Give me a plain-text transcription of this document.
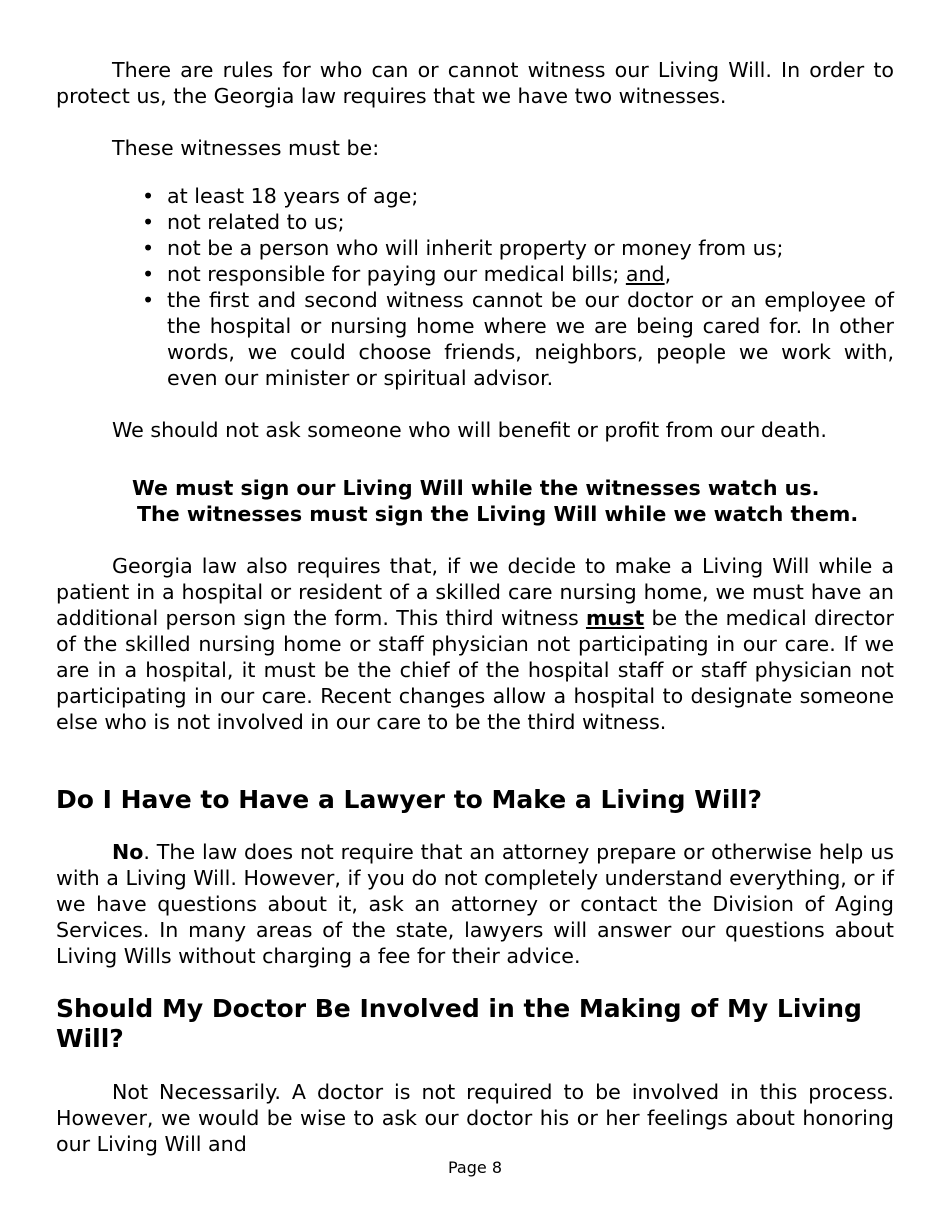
There are rules for who can or cannot witness our Living Will. In order to protect us, the Georgia law requires that we have two witnesses.

These witnesses must be:

• at least 18 years of age;
• not related to us;
• not be a person who will inherit property or money from us;
• not responsible for paying our medical bills; and,
• the first and second witness cannot be our doctor or an employee of the hospital or nursing home where we are being cared for. In other words, we could choose friends, neighbors, people we work with, even our minister or spiritual advisor.

We should not ask someone who will benefit or profit from our death.

We must sign our Living Will while the witnesses watch us.
The witnesses must sign the Living Will while we watch them.

Georgia law also requires that, if we decide to make a Living Will while a patient in a hospital or resident of a skilled care nursing home, we must have an additional person sign the form. This third witness must be the medical director of the skilled nursing home or staff physician not participating in our care. If we are in a hospital, it must be the chief of the hospital staff or staff physician not participating in our care. Recent changes allow a hospital to designate someone else who is not involved in our care to be the third witness.

Do I Have to Have a Lawyer to Make a Living Will?

No. The law does not require that an attorney prepare or otherwise help us with a Living Will. However, if you do not completely understand everything, or if we have questions about it, ask an attorney or contact the Division of Aging Services. In many areas of the state, lawyers will answer our questions about Living Wills without charging a fee for their advice.

Should My Doctor Be Involved in the Making of My Living Will?

Not Necessarily. A doctor is not required to be involved in this process. However, we would be wise to ask our doctor his or her feelings about honoring our Living Will and

Page 8
